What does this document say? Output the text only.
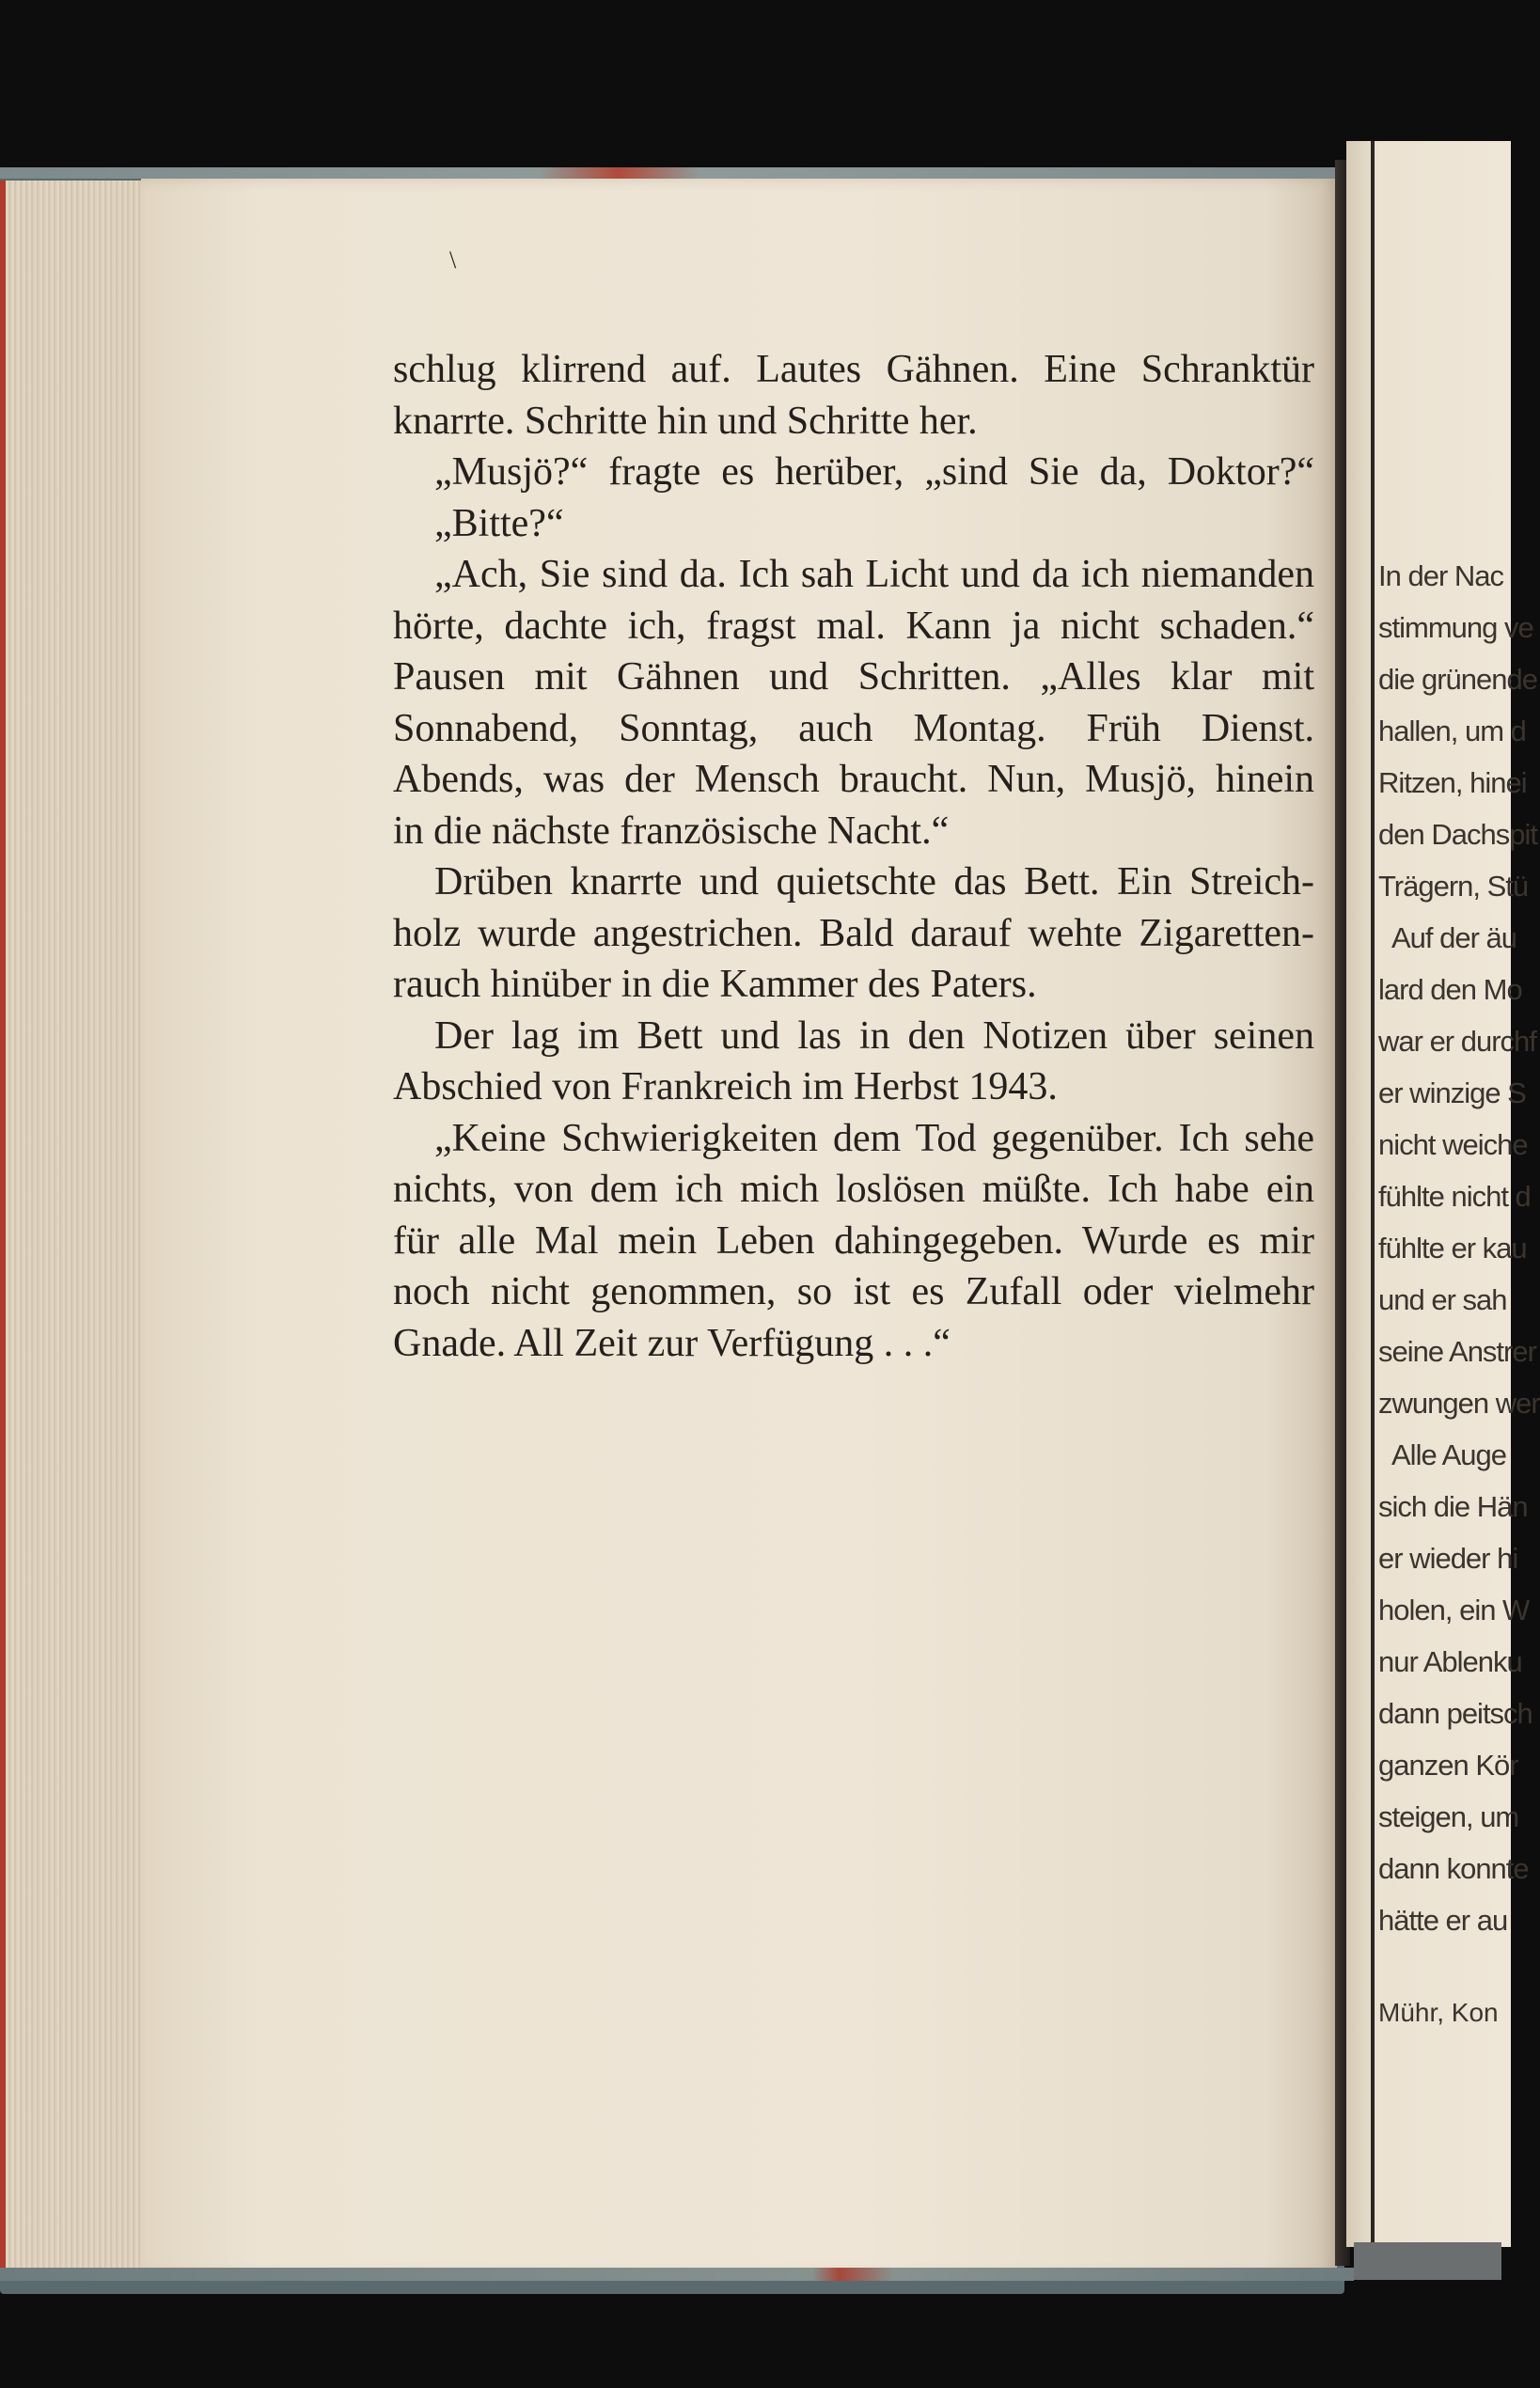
\

schlug klirrend auf. Lautes Gähnen. Eine Schranktür

knarrte. Schritte hin und Schritte her.

„Musjö?“ fragte es herüber, „sind Sie da, Doktor?“

„Bitte?“

„Ach, Sie sind da. Ich sah Licht und da ich niemanden

hörte, dachte ich, fragst mal. Kann ja nicht schaden.“

Pausen mit Gähnen und Schritten. „Alles klar mit

Sonnabend, Sonntag, auch Montag. Früh Dienst.

Abends, was der Mensch braucht. Nun, Musjö, hinein

in die nächste französische Nacht.“

Drüben knarrte und quietschte das Bett. Ein Streich-

holz wurde angestrichen. Bald darauf wehte Zigaretten-

rauch hinüber in die Kammer des Paters.

Der lag im Bett und las in den Notizen über seinen

Abschied von Frankreich im Herbst 1943.

„Keine Schwierigkeiten dem Tod gegenüber. Ich sehe

nichts, von dem ich mich loslösen müßte. Ich habe ein

für alle Mal mein Leben dahingegeben. Wurde es mir

noch nicht genommen, so ist es Zufall oder vielmehr

Gnade. All Zeit zur Verfügung . . .“

In der Nac
stimmung ve
die grünende
hallen, um d
Ritzen, hinei
den Dachspit
Trägern, Stü
Auf der äu
lard den Mo
war er durchf
er winzige S
nicht weiche
fühlte nicht d
fühlte er kau
und er sah
seine Anstrer
zwungen wer
Alle Auge
sich die Hän
er wieder hi
holen, ein W
nur Ablenku
dann peitsch
ganzen Kör
steigen, um
dann konnte
hätte er au
Mühr, Kon
